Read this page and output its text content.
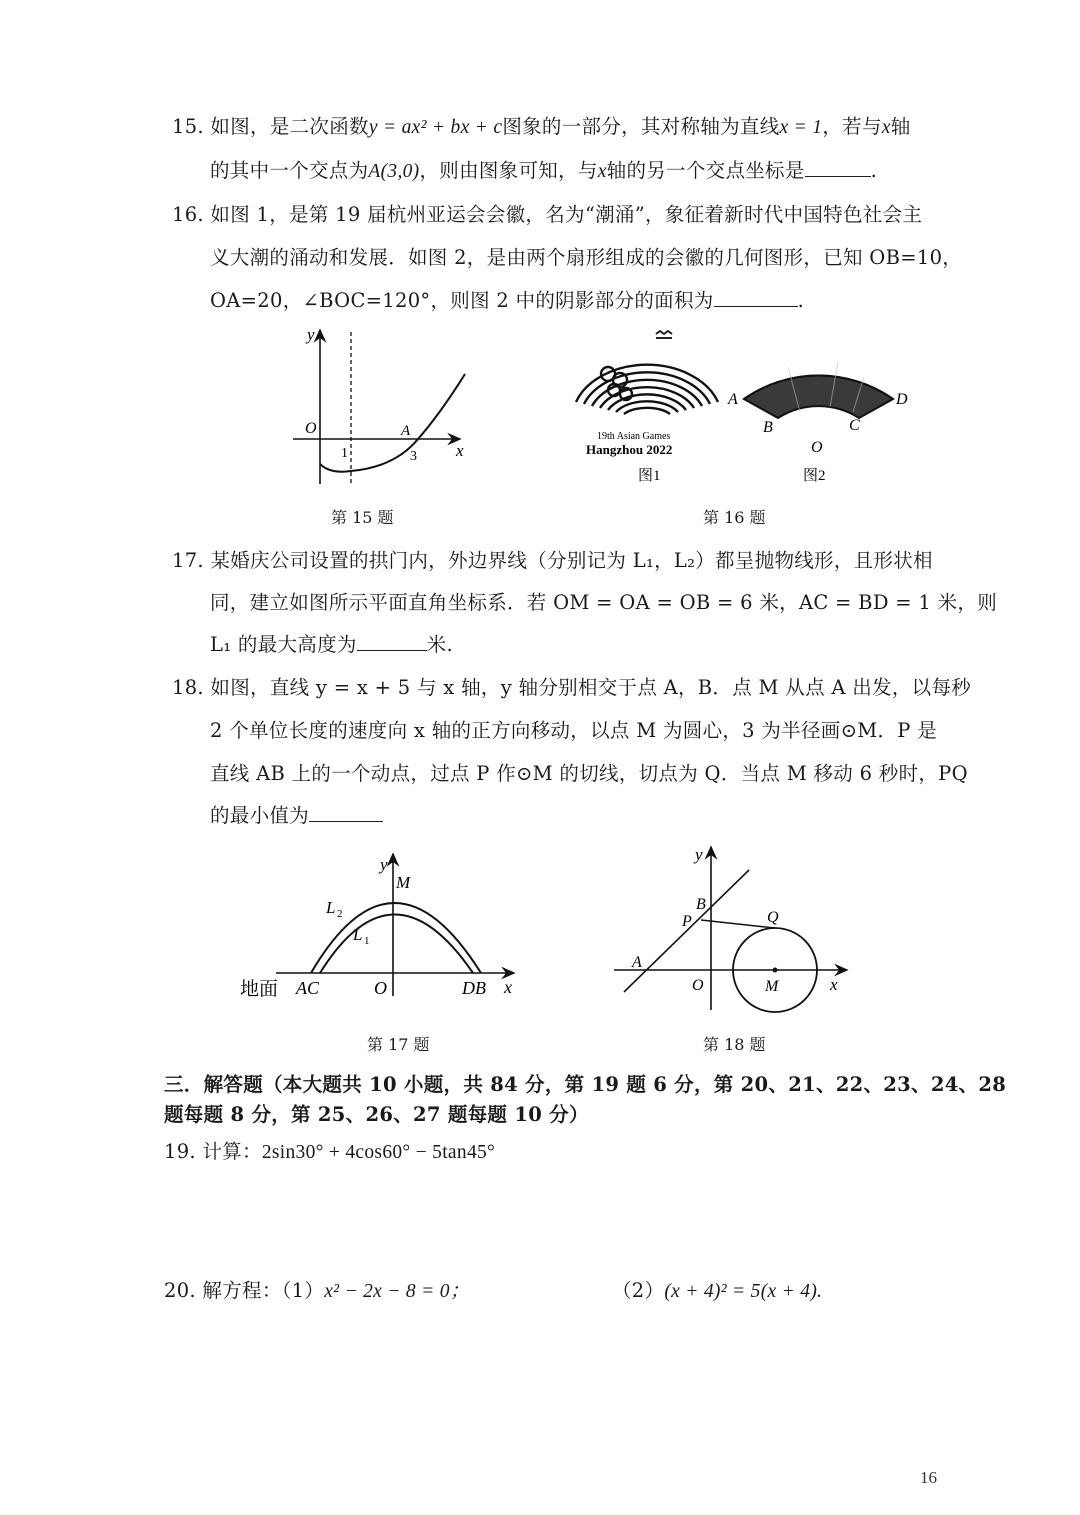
15. 如图，是二次函数y = ax² + bx + c图象的一部分，其对称轴为直线x = 1，若与x轴
的其中一个交点为A(3,0)，则由图象可知，与x轴的另一个交点坐标是	.
16. 如图 1，是第 19 届杭州亚运会会徽，名为“潮涌”，象征着新时代中国特色社会主
义大潮的涌动和发展．如图 2，是由两个扇形组成的会徽的几何图形，已知 OB=10，
OA=20，∠BOC=120°，则图 2 中的阴影部分的面积为	.
y
O
1	3
A
x
第 15 题
19th Asian Games
Hangzhou 2022
图1
A
B	C
D
O
图2
第 16 题
17. 某婚庆公司设置的拱门内，外边界线（分别记为 L₁，L₂）都呈抛物线形，且形状相
同，建立如图所示平面直角坐标系．若 OM = OA = OB = 6 米，AC = BD = 1 米，则
L₁ 的最大高度为	米.
18. 如图，直线 y = x + 5 与 x 轴，y 轴分别相交于点 A，B．点 M 从点 A 出发，以每秒
2 个单位长度的速度向 x 轴的正方向移动，以点 M 为圆心，3 为半径画⊙M．P 是
直线 AB 上的一个动点，过点 P 作⊙M 的切线，切点为 Q．当点 M 移动 6 秒时，PQ
的最小值为
y
M
L 2
L 1
地面 AC	O	DB x
第 17 题
y
B
P	Q
A
O	M	x
第 18 题
三．解答题（本大题共 10 小题，共 84 分，第 19 题 6 分，第 20、21、22、23、24、28
题每题 8 分，第 25、26、27 题每题 10 分）
19. 计算：2sin30° + 4cos60° − 5tan45°
20. 解方程：（1）x² − 2x − 8 = 0；	（2）(x + 4)² = 5(x + 4).
16
